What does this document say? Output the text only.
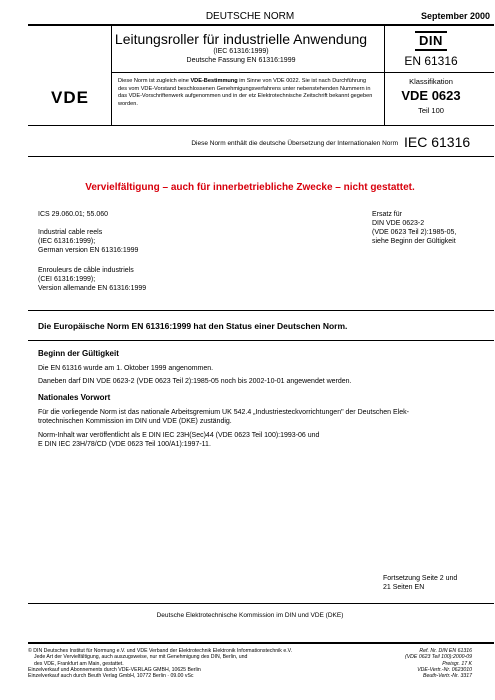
DEUTSCHE NORM	September 2000
Leitungsroller für industrielle Anwendung
(IEC 61316:1999)
Deutsche Fassung EN 61316:1999
DIN
EN 61316
VDE
Diese Norm ist zugleich eine VDE-Bestimmung im Sinne von VDE 0022. Sie ist nach Durchführung des vom VDE-Vorstand beschlossenen Genehmigungsverfahrens unter nebenstehenden Nummern in das VDE-Vorschriftenwerk aufgenommen und in der etz Elektrotechnische Zeitschrift bekannt gegeben worden.
Klassifikation
VDE 0623
Teil 100
Diese Norm enthält die deutsche Übersetzung der Internationalen Norm IEC 61316
Vervielfältigung – auch für innerbetriebliche Zwecke – nicht gestattet.
ICS 29.060.01; 55.060
Industrial cable reels
(IEC 61316:1999);
German version EN 61316:1999
Enrouleurs de câble industriels
(CEI 61316:1999);
Version allemande EN 61316:1999
Ersatz für
DIN VDE 0623-2
(VDE 0623 Teil 2):1985-05,
siehe Beginn der Gültigkeit
Die Europäische Norm EN 61316:1999 hat den Status einer Deutschen Norm.
Beginn der Gültigkeit
Die EN 61316 wurde am 1. Oktober 1999 angenommen.
Daneben darf DIN VDE 0623-2 (VDE 0623 Teil 2):1985-05 noch bis 2002-10-01 angewendet werden.
Nationales Vorwort
Für die vorliegende Norm ist das nationale Arbeitsgremium UK 542.4 „Industriesteckvorrichtungen" der Deutschen Elek-
trotechnischen Kommission im DIN und VDE (DKE) zuständig.
Norm-Inhalt war veröffentlicht als E DIN IEC 23H(Sec)44 (VDE 0623 Teil 100):1993-06 und
E DIN IEC 23H/78/CD (VDE 0623 Teil 100/A1):1997-11.
Fortsetzung Seite 2 und
21 Seiten EN
Deutsche Elektrotechnische Kommission im DIN und VDE (DKE)
© DIN Deutsches Institut für Normung e.V. und VDE Verband der Elektrotechnik Elektronik Informationstechnik e.V.
Jede Art der Vervielfältigung, auch auszugsweise, nur mit Genehmigung des DIN, Berlin, und
des VDE, Frankfurt am Main, gestattet.
Einzelverkauf und Abonnements durch VDE-VERLAG GMBH, 10625 Berlin
Einzelverkauf auch durch Beuth Verlag GmbH, 10772 Berlin · 09.00 vSc
Ref. Nr. DIN EN 61316
(VDE 0623 Teil 100):2000-09
Preisgr. 17 K
VDE-Vertr.-Nr. 0623010
Beuth-Vertr.-Nr. 3317
